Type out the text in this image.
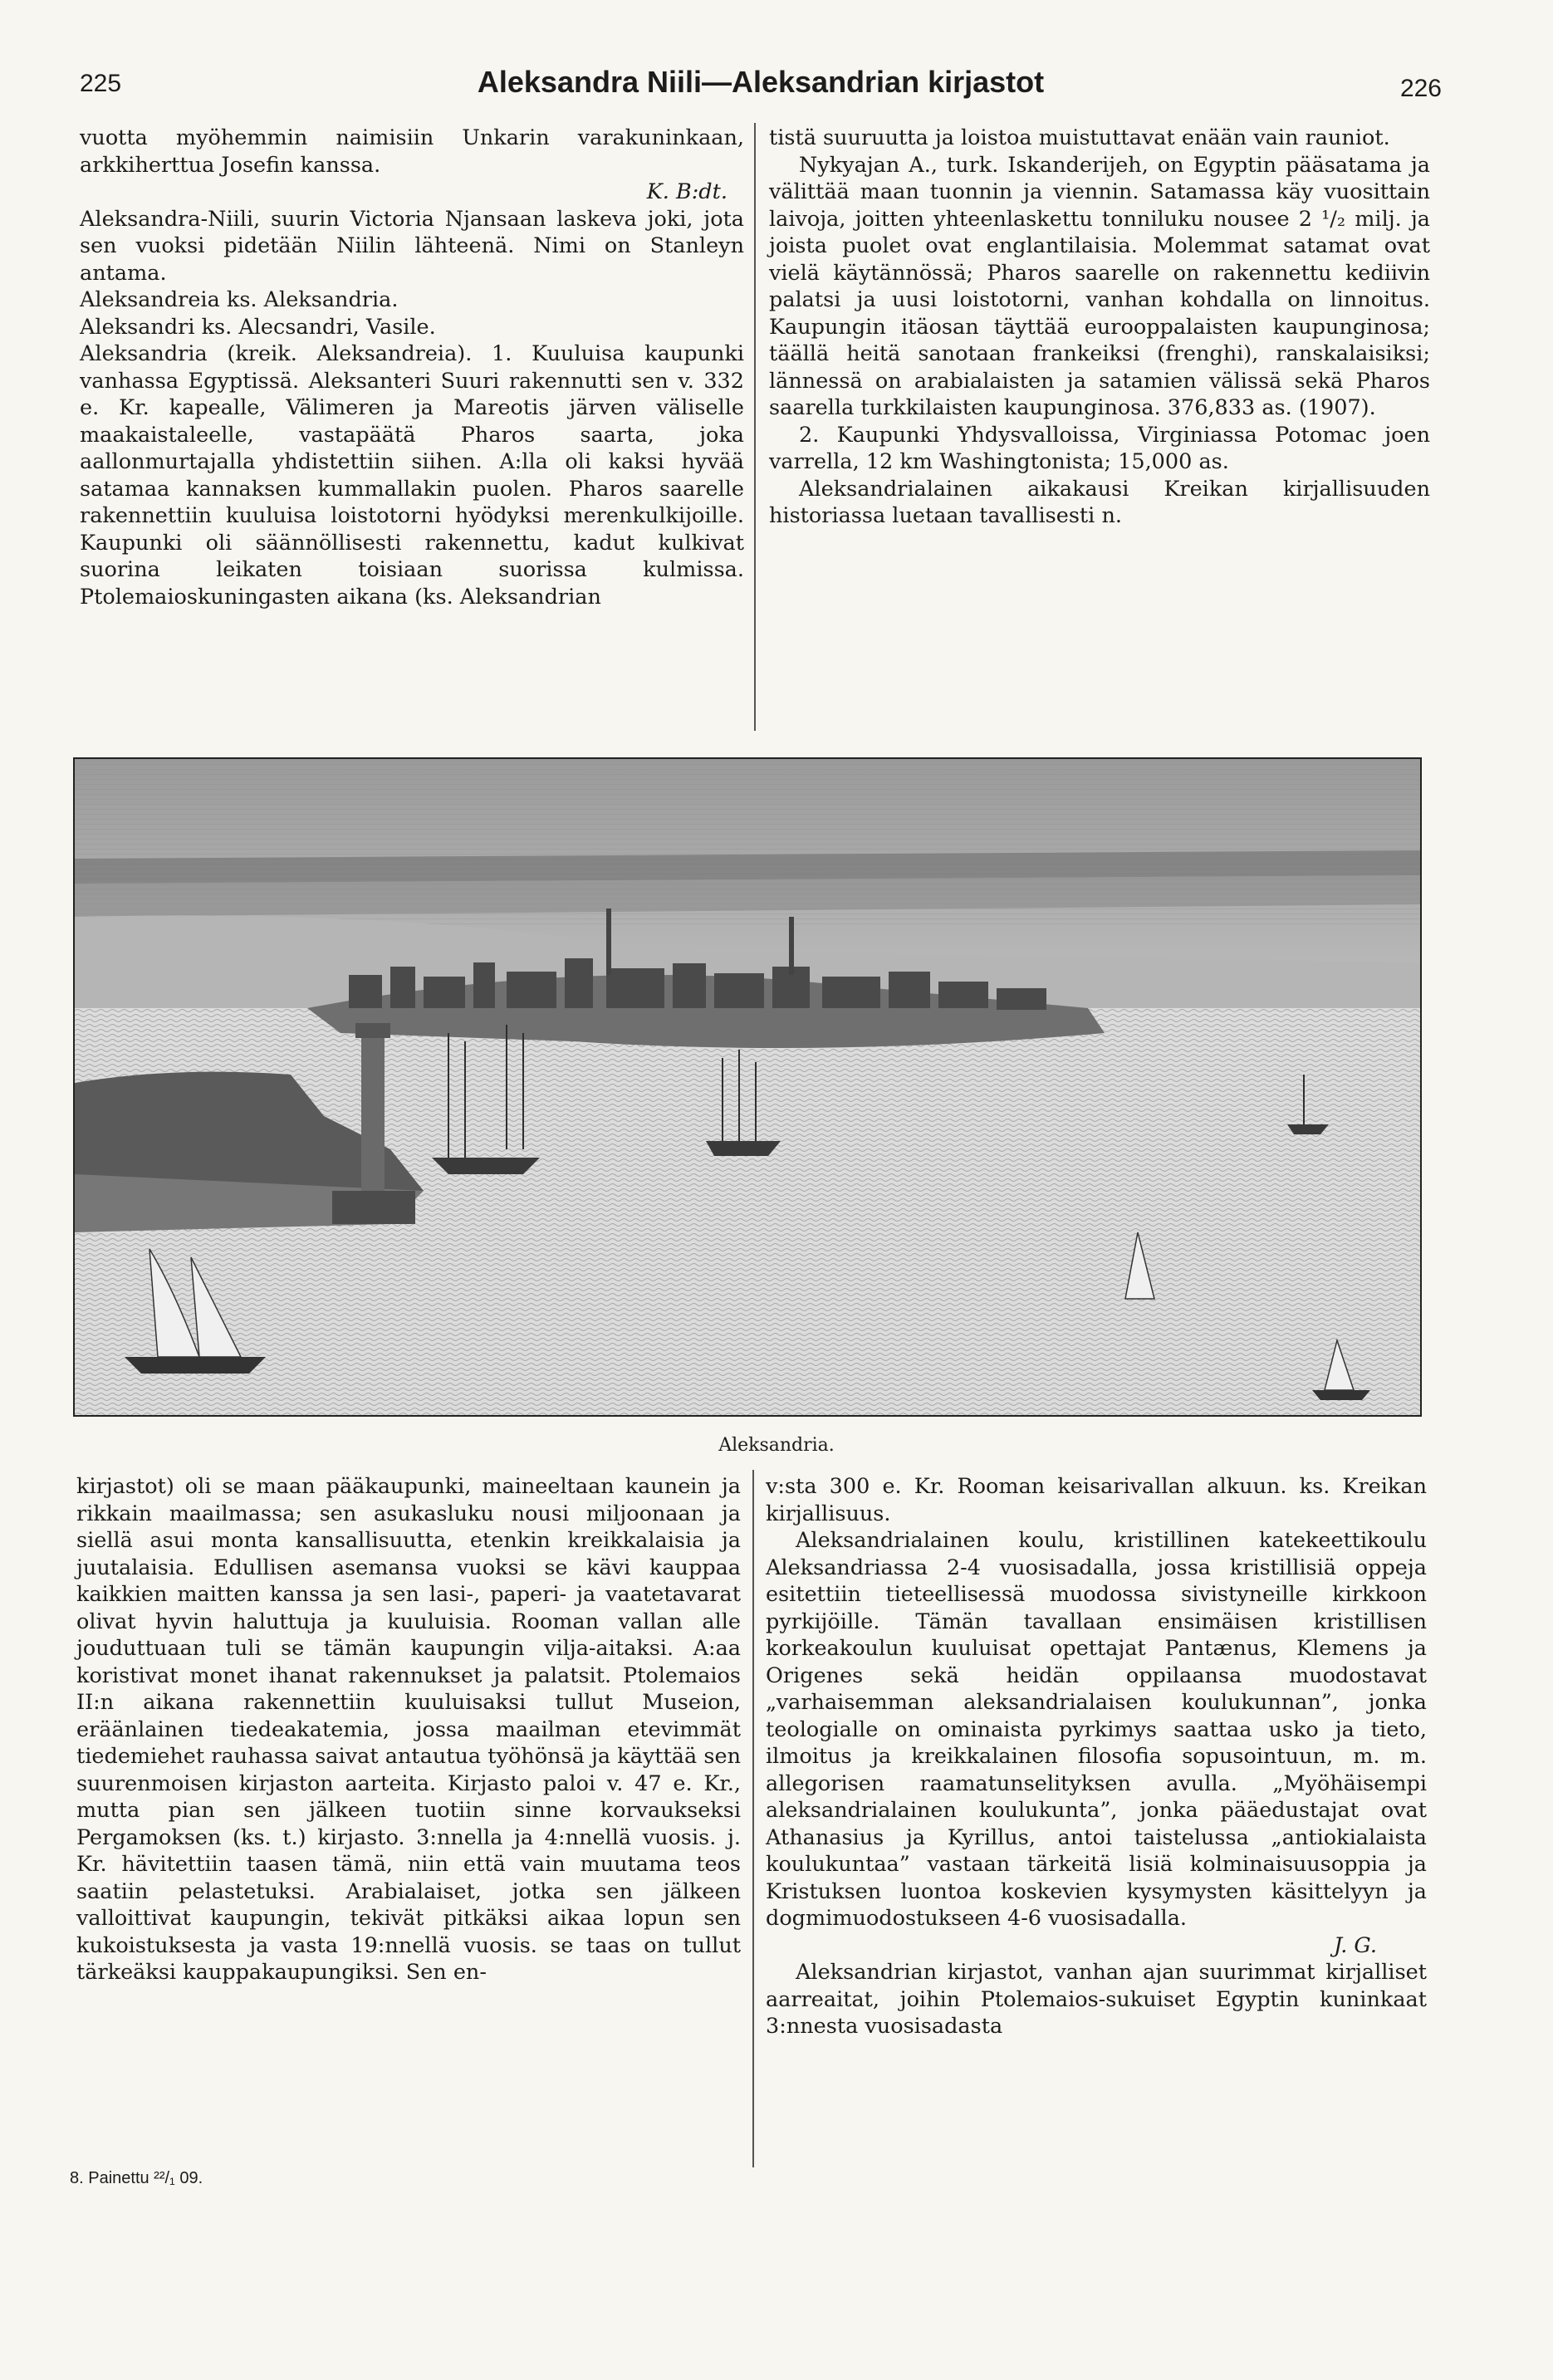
225	Aleksandra Niili—Aleksandrian kirjastot	226

vuotta myöhemmin naimisiin Unkarin varakuninkaan, arkkiherttua Josefin kanssa.

K. B:dt.

Aleksandra-Niili, suurin Victoria Njansaan laskeva joki, jota sen vuoksi pidetään Niilin lähteenä. Nimi on Stanleyn antama.

Aleksandreia ks. Aleksandria.

Aleksandri ks. Alecsandri, Vasile.

Aleksandria (kreik. Aleksandreia). 1. Kuuluisa kaupunki vanhassa Egyptissä. Aleksanteri Suuri rakennutti sen v. 332 e. Kr. kapealle, Välimeren ja Mareotis järven väliselle maakaistaleelle, vastapäätä Pharos saarta, joka aallonmurtajalla yhdistettiin siihen. A:lla oli kaksi hyvää satamaa kannaksen kummallakin puolen. Pharos saarelle rakennettiin kuuluisa loistotorni hyödyksi merenkulkijoille. Kaupunki oli säännöllisesti rakennettu, kadut kulkivat suorina leikaten toisiaan suorissa kulmissa. Ptolemaioskuningasten aikana (ks. Aleksandrian

tistä suuruutta ja loistoa muistuttavat enään vain rauniot.

Nykyajan A., turk. Iskanderijeh, on Egyptin pääsatama ja välittää maan tuonnin ja viennin. Satamassa käy vuosittain laivoja, joitten yhteenlaskettu tonniluku nousee 2 ¹/₂ milj. ja joista puolet ovat englantilaisia. Molemmat satamat ovat vielä käytännössä; Pharos saarelle on rakennettu kediivin palatsi ja uusi loistotorni, vanhan kohdalla on linnoitus. Kaupungin itäosan täyttää eurooppalaisten kaupunginosa; täällä heitä sanotaan frankeiksi (frenghi), ranskalaisiksi; lännessä on arabialaisten ja satamien välissä sekä Pharos saarella turkkilaisten kaupunginosa. 376,833 as. (1907).

2. Kaupunki Yhdysvalloissa, Virginiassa Potomac joen varrella, 12 km Washingtonista; 15,000 as.

Aleksandrialainen aikakausi Kreikan kirjallisuuden historiassa luetaan tavallisesti n.

Aleksandria.

kirjastot) oli se maan pääkaupunki, maineeltaan kaunein ja rikkain maailmassa; sen asukasluku nousi miljoonaan ja siellä asui monta kansallisuutta, etenkin kreikkalaisia ja juutalaisia. Edullisen asemansa vuoksi se kävi kauppaa kaikkien maitten kanssa ja sen lasi-, paperi- ja vaatetavarat olivat hyvin haluttuja ja kuuluisia. Rooman vallan alle jouduttuaan tuli se tämän kaupungin vilja-aitaksi. A:aa koristivat monet ihanat rakennukset ja palatsit. Ptolemaios II:n aikana rakennettiin kuuluisaksi tullut Museion, eräänlainen tiedeakatemia, jossa maailman etevimmät tiedemiehet rauhassa saivat antautua työhönsä ja käyttää sen suurenmoisen kirjaston aarteita. Kirjasto paloi v. 47 e. Kr., mutta pian sen jälkeen tuotiin sinne korvaukseksi Pergamoksen (ks. t.) kirjasto. 3:nnella ja 4:nnellä vuosis. j. Kr. hävitettiin taasen tämä, niin että vain muutama teos saatiin pelastetuksi. Arabialaiset, jotka sen jälkeen valloittivat kaupungin, tekivät pitkäksi aikaa lopun sen kukoistuksesta ja vasta 19:nnellä vuosis. se taas on tullut tärkeäksi kauppakaupungiksi. Sen en-

v:sta 300 e. Kr. Rooman keisarivallan alkuun. ks. Kreikan kirjallisuus.

Aleksandrialainen koulu, kristillinen katekeettikoulu Aleksandriassa 2-4 vuosisadalla, jossa kristillisiä oppeja esitettiin tieteellisessä muodossa sivistyneille kirkkoon pyrkijöille. Tämän tavallaan ensimäisen kristillisen korkeakoulun kuuluisat opettajat Pantænus, Klemens ja Origenes sekä heidän oppilaansa muodostavat „varhaisemman aleksandrialaisen koulukunnan”, jonka teologialle on ominaista pyrkimys saattaa usko ja tieto, ilmoitus ja kreikkalainen filosofia sopusointuun, m. m. allegorisen raamatunselityksen avulla. „Myöhäisempi aleksandrialainen koulukunta”, jonka pääedustajat ovat Athanasius ja Kyrillus, antoi taistelussa „antiokialaista koulukuntaa” vastaan tärkeitä lisiä kolminaisuusoppia ja Kristuksen luontoa koskevien kysymysten käsittelyyn ja dogmimuodostukseen 4-6 vuosisadalla.

J. G.

Aleksandrian kirjastot, vanhan ajan suurimmat kirjalliset aarreaitat, joihin Ptolemaios-sukuiset Egyptin kuninkaat 3:nnesta vuosisadasta

8. Painettu ²²/₁ 09.
